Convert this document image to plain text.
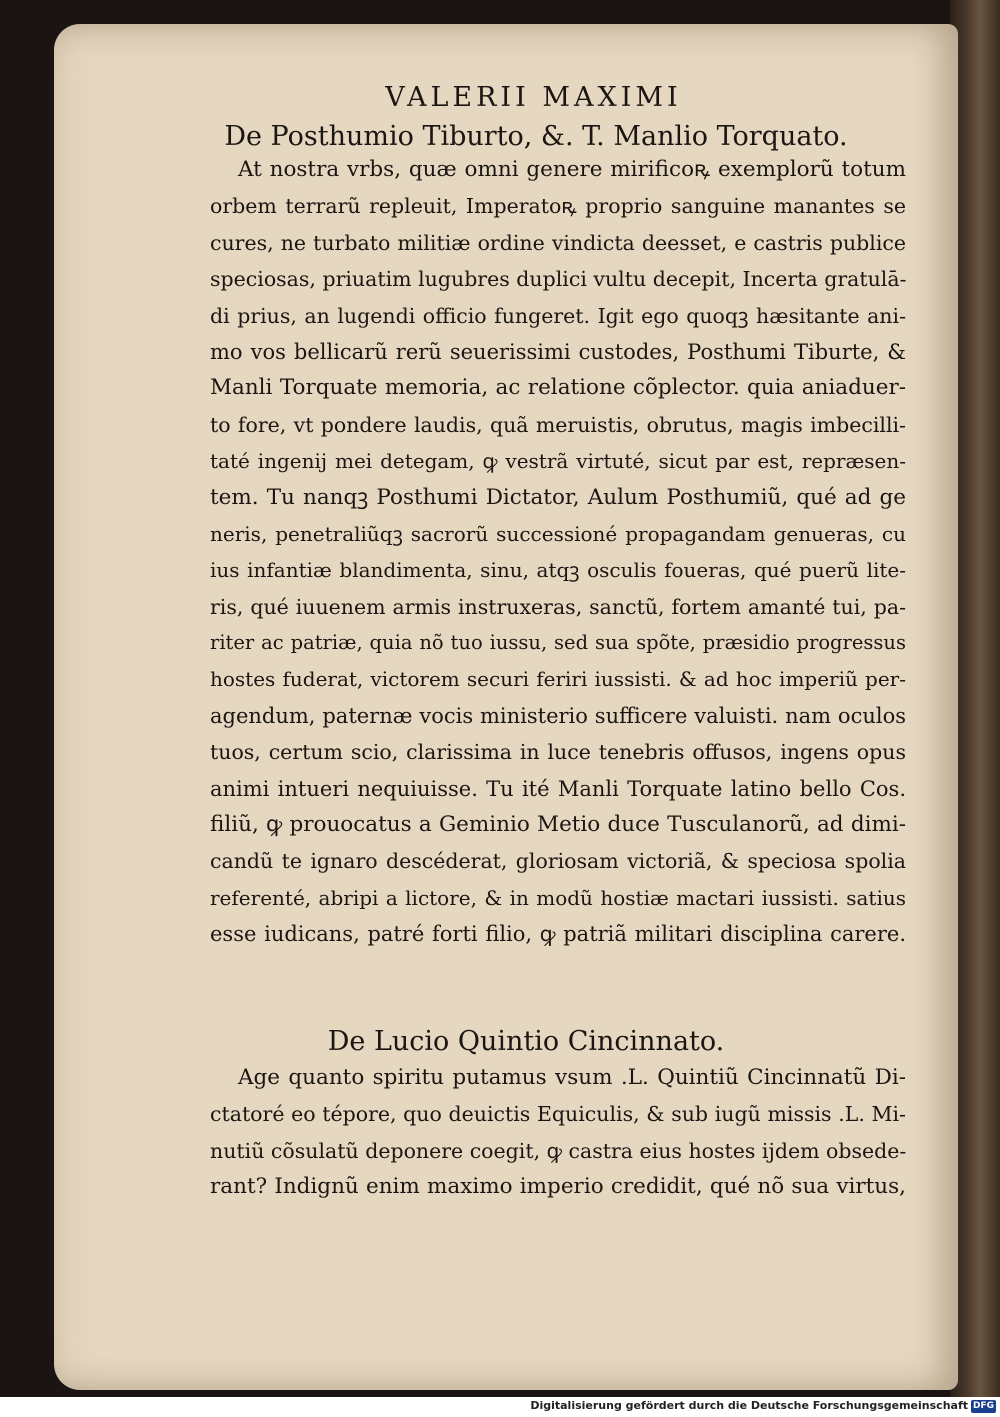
VALERII MAXIMI
De Posthumio Tiburto, &. T. Manlio Torquato.
At nostra vrbs, quæ omni genere mirificoꝶ exemplorũ totum
orbem terrarũ repleuit, Imperatoꝶ proprio sanguine manantes se
cures, ne turbato militiæ ordine vindicta deesset, e castris publice
speciosas, priuatim lugubres duplici vultu decepit, Incerta gratulā-
di prius, an lugendi officio fungeret. Igit ego quoqꝫ hæsitante ani-
mo vos bellicarũ rerũ seuerissimi custodes, Posthumi Tiburte, &
Manli Torquate memoria, ac relatione cõplector. quia aniaduer-
to fore, vt pondere laudis, quã meruistis, obrutus, magis imbecilli-
taté ingenij mei detegam, ꝙ vestrã virtuté, sicut par est, repræsen-
tem. Tu nanqꝫ Posthumi Dictator, Aulum Posthumiũ, qué ad ge
neris, penetraliũqꝫ sacrorũ successioné propagandam genueras, cu
ius infantiæ blandimenta, sinu, atqꝫ osculis foueras, qué puerũ lite-
ris, qué iuuenem armis instruxeras, sanctũ, fortem amanté tui, pa-
riter ac patriæ, quia nõ tuo iussu, sed sua spõte, præsidio progressus
hostes fuderat, victorem securi feriri iussisti. & ad hoc imperiũ per-
agendum, paternæ vocis ministerio sufficere valuisti. nam oculos
tuos, certum scio, clarissima in luce tenebris offusos, ingens opus
animi intueri nequiuisse. Tu ité Manli Torquate latino bello Cos.
filiũ, ꝙ prouocatus a Geminio Metio duce Tusculanorũ, ad dimi-
candũ te ignaro descéderat, gloriosam victoriã, & speciosa spolia
referenté, abripi a lictore, & in modũ hostiæ mactari iussisti. satius
esse iudicans, patré forti filio, ꝙ patriã militari disciplina carere.
De Lucio Quintio Cincinnato.
Age quanto spiritu putamus vsum .L. Quintiũ Cincinnatũ Di-
ctatoré eo tépore, quo deuictis Equiculis, & sub iugũ missis .L. Mi-
nutiũ cõsulatũ deponere coegit, ꝙ castra eius hostes ijdem obsede-
rant? Indignũ enim maximo imperio credidit, qué nõ sua virtus,
Digitalisierung gefördert durch die Deutsche Forschungsgemeinschaft DFG
